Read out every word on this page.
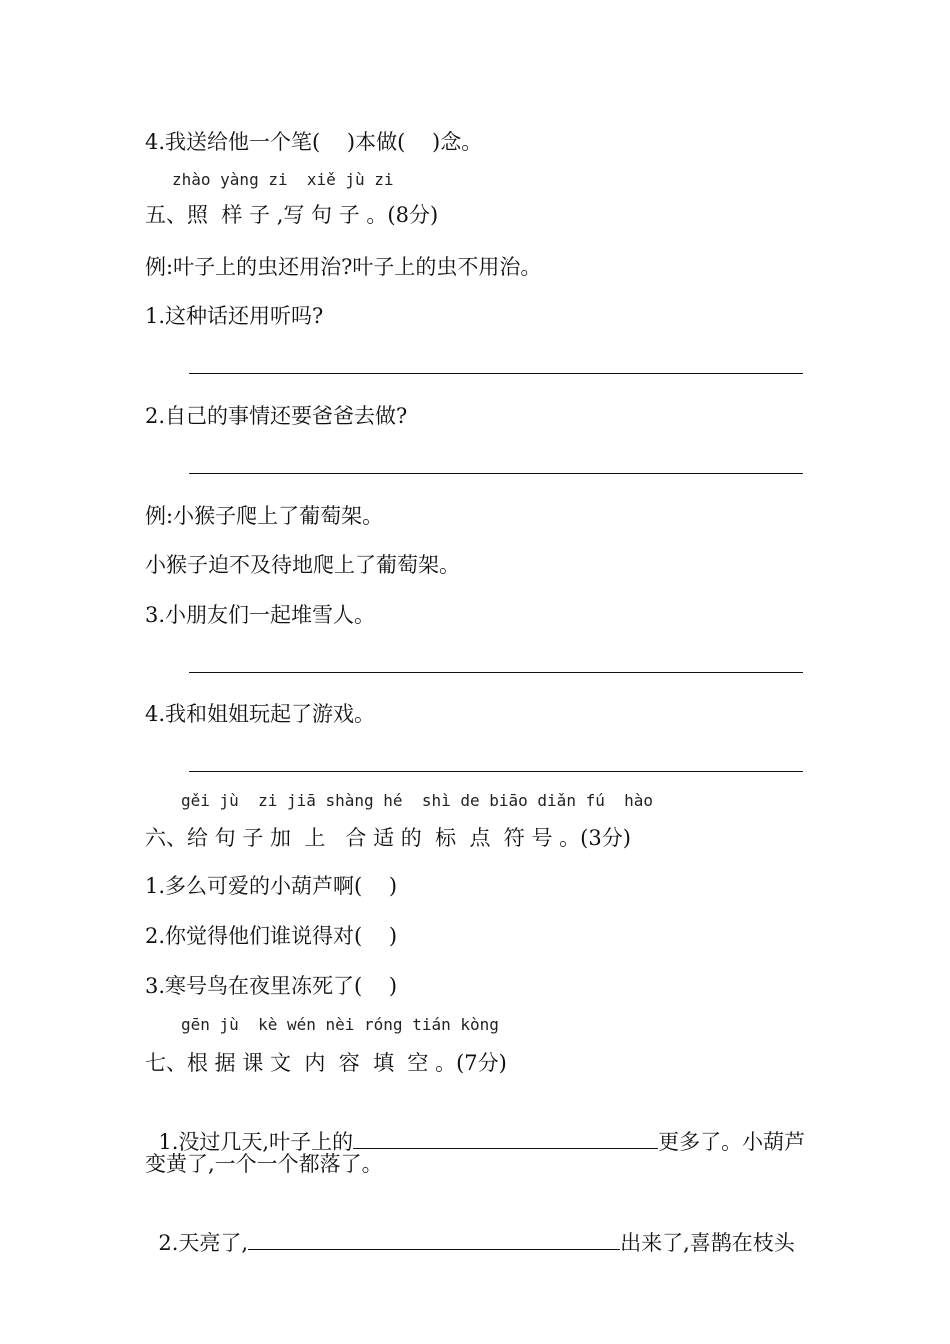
4.我送给他一个笔(    )本做(    )念。
zhào yàng zi  xiě jù zi
五、照  样 子 ,写 句 子 。(8分)
例:叶子上的虫还用治?叶子上的虫不用治。
1.这种话还用听吗?
2.自己的事情还要爸爸去做?
例:小猴子爬上了葡萄架。
小猴子迫不及待地爬上了葡萄架。
3.小朋友们一起堆雪人。
4.我和姐姐玩起了游戏。
gěi jù  zi jiā shàng hé  shì de biāo diǎn fú  hào
六、给 句 子 加  上   合 适 的  标  点  符 号 。(3分)
1.多么可爱的小葫芦啊(    )
2.你觉得他们谁说得对(    )
3.寒号鸟在夜里冻死了(    )
gēn jù  kè wén nèi róng tián kòng
七、根 据 课 文  内  容  填  空 。(7分)

1.没过几天,叶子上的	更多了。小葫芦

变黄了,一个一个都落了。

2.天亮了,	出来了,喜鹊在枝头
